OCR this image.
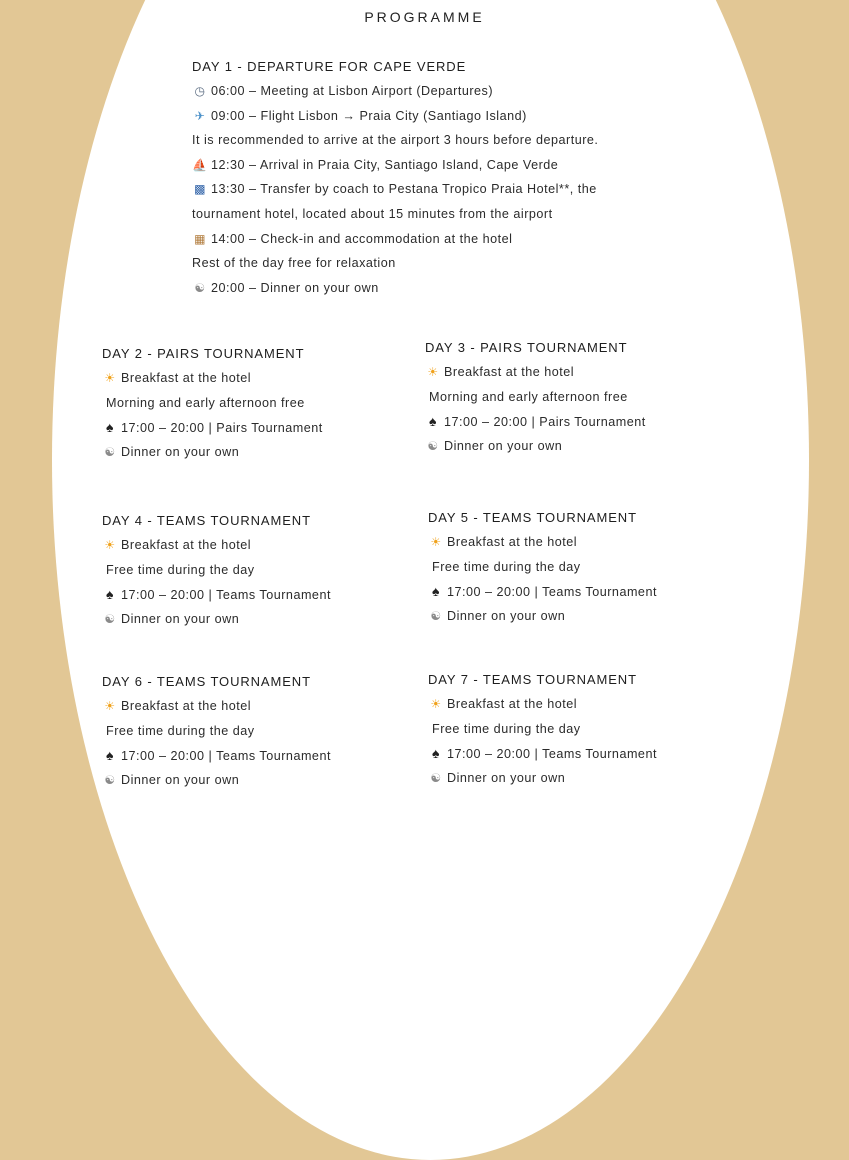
PROGRAMME
DAY 1 - DEPARTURE FOR CAPE VERDE
◷ 06:00 – Meeting at Lisbon Airport (Departures)
✈ 09:00 – Flight Lisbon → Praia City (Santiago Island)
It is recommended to arrive at the airport 3 hours before departure.
⛵ 12:30 – Arrival in Praia City, Santiago Island, Cape Verde
▩ 13:30 – Transfer by coach to Pestana Tropico Praia Hotel**, the
tournament hotel, located about 15 minutes from the airport
▦ 14:00 – Check-in and accommodation at the hotel
Rest of the day free for relaxation
☯ 20:00 – Dinner on your own
DAY 2 - PAIRS TOURNAMENT
☀ Breakfast at the hotel
Morning and early afternoon free
♠ 17:00 – 20:00 | Pairs Tournament
☯ Dinner on your own
DAY 3 - PAIRS TOURNAMENT
☀ Breakfast at the hotel
Morning and early afternoon free
♠ 17:00 – 20:00 | Pairs Tournament
☯ Dinner on your own
DAY 4 - TEAMS TOURNAMENT
☀ Breakfast at the hotel
Free time during the day
♠ 17:00 – 20:00 | Teams Tournament
☯ Dinner on your own
DAY 5 - TEAMS TOURNAMENT
☀ Breakfast at the hotel
Free time during the day
♠ 17:00 – 20:00 | Teams Tournament
☯ Dinner on your own
DAY 6 - TEAMS TOURNAMENT
☀ Breakfast at the hotel
Free time during the day
♠ 17:00 – 20:00 | Teams Tournament
☯ Dinner on your own
DAY 7 - TEAMS TOURNAMENT
☀ Breakfast at the hotel
Free time during the day
♠ 17:00 – 20:00 | Teams Tournament
☯ Dinner on your own
